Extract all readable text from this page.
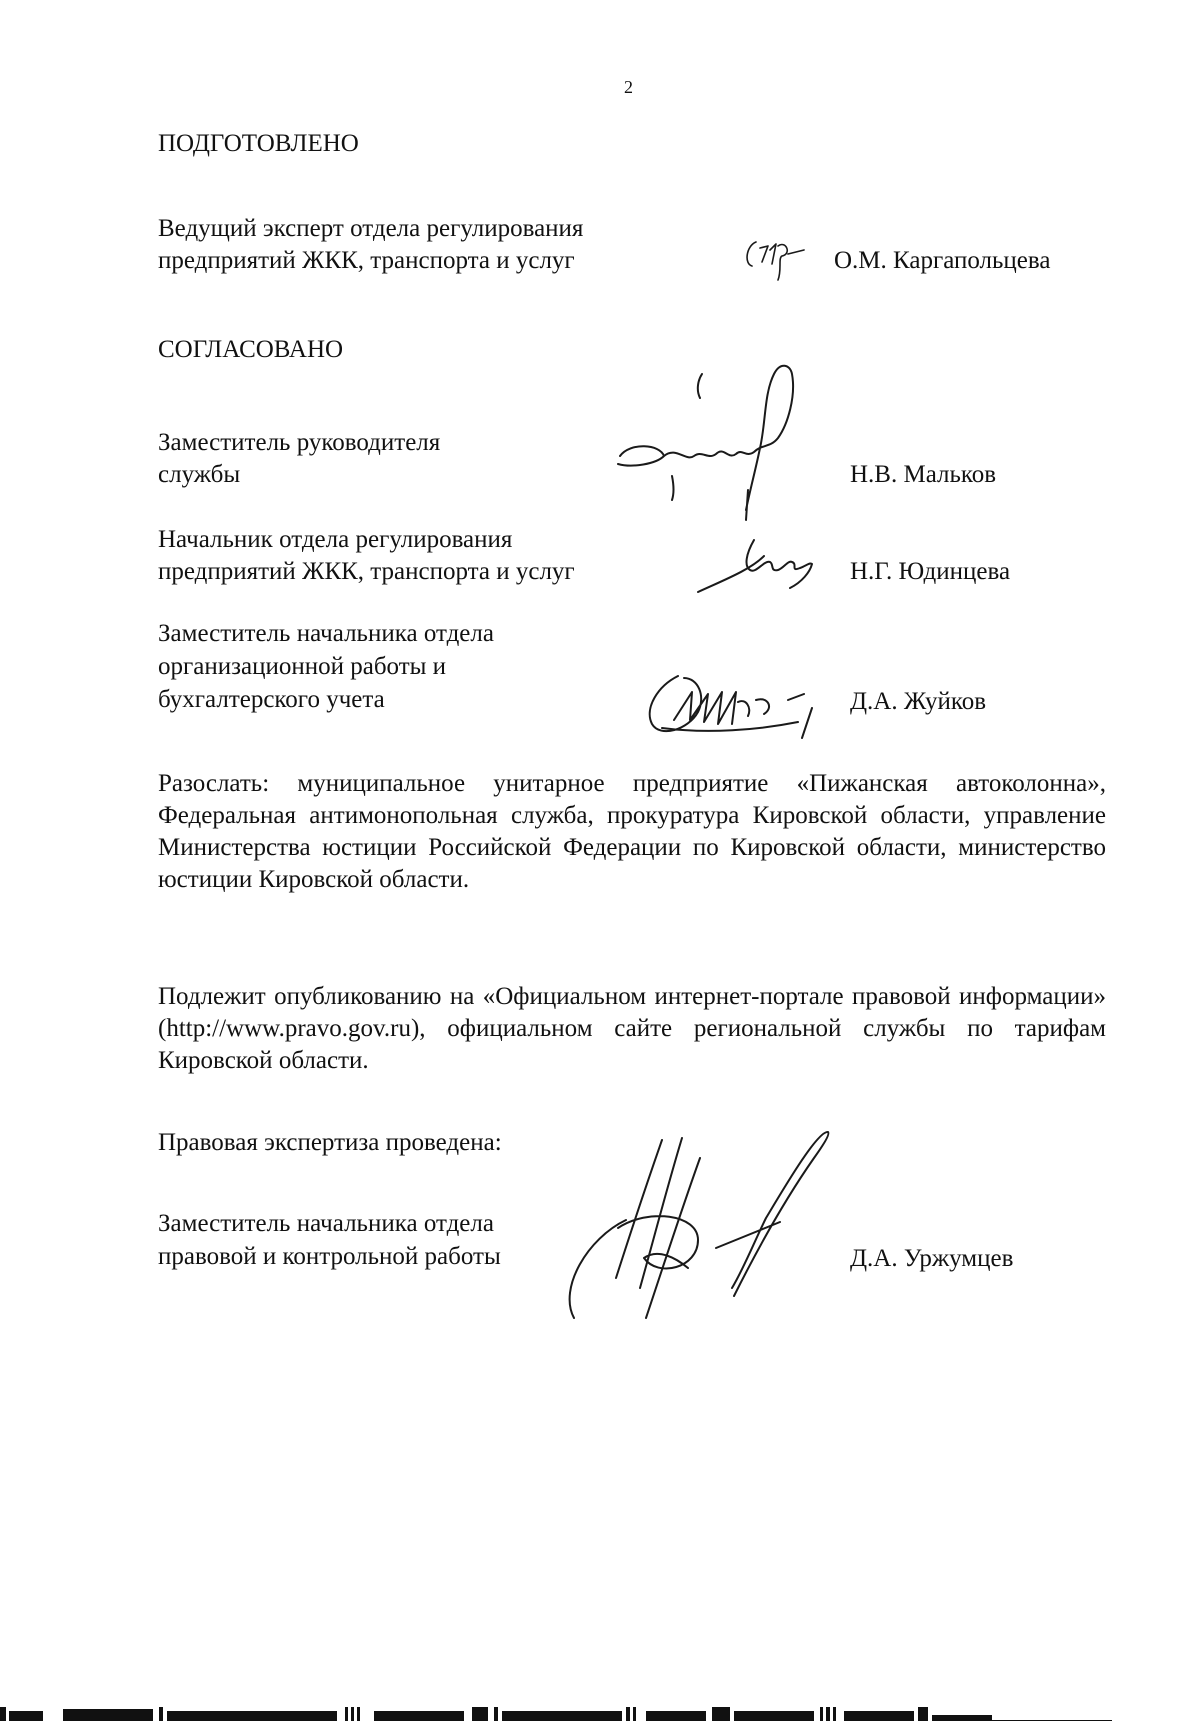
2
ПОДГОТОВЛЕНО
Ведущий эксперт отдела регулирования
предприятий ЖКК, транспорта и услуг	О.М. Каргапольцева
СОГЛАСОВАНО
Заместитель руководителя
службы	Н.В. Мальков
Начальник отдела регулирования
предприятий ЖКК, транспорта и услуг	Н.Г. Юдинцева
Заместитель начальника отдела
организационной работы и
бухгалтерского учета	Д.А. Жуйков

Разослать: муниципальное унитарное предприятие «Пижанская автоколонна», Федеральная антимонопольная служба, прокуратура Кировской области, управление Министерства юстиции Российской Федерации по Кировской области, министерство юстиции Кировской области.

Подлежит опубликованию на «Официальном интернет-портале правовой информации» (http://www.pravo.gov.ru), официальном сайте региональной службы по тарифам Кировской области.

Правовая экспертиза проведена:
Заместитель начальника отдела
правовой и контрольной работы	Д.А. Уржумцев
